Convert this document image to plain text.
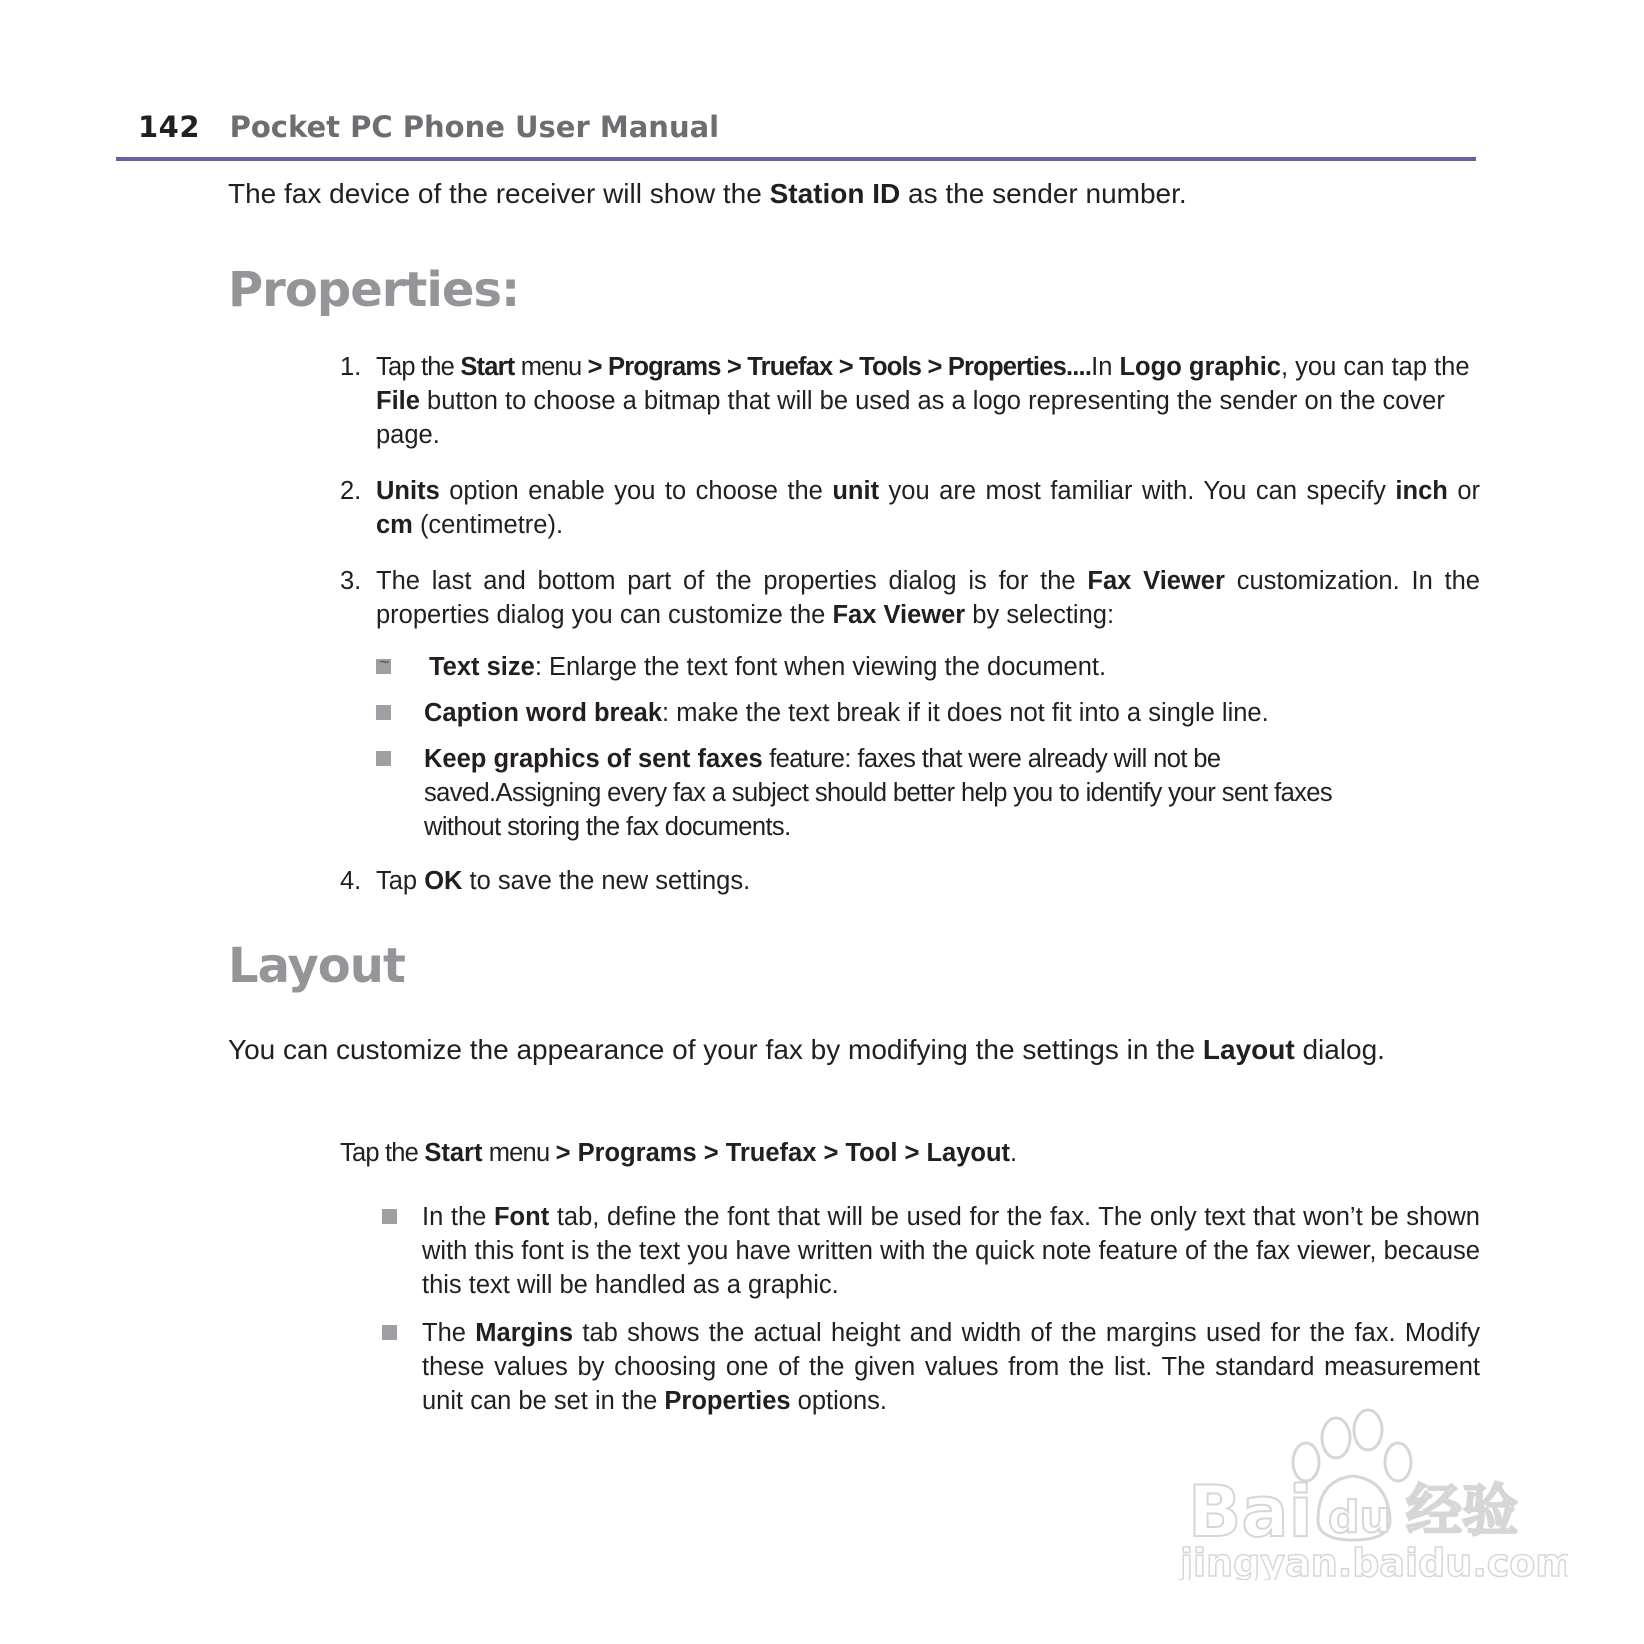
142 Pocket PC Phone User Manual
The fax device of the receiver will show the Station ID as the sender number.
Properties:
1. Tap the Start menu > Programs > Truefax > Tools > Properties....In Logo graphic, you can tap the File button to choose a bitmap that will be used as a logo representing the sender on the cover page.
2. Units option enable you to choose the unit you are most familiar with. You can specify inch or cm (centimetre).
3. The last and bottom part of the properties dialog is for the Fax Viewer customization. In the properties dialog you can customize the Fax Viewer by selecting:
~ Text size: Enlarge the text font when viewing the document.
Caption word break: make the text break if it does not fit into a single line.
Keep graphics of sent faxes feature: faxes that were already will not be saved.Assigning every fax a subject should better help you to identify your sent faxes without storing the fax documents.
4. Tap OK to save the new settings.
Layout
You can customize the appearance of your fax by modifying the settings in the Layout dialog.
Tap the Start menu > Programs > Truefax > Tool > Layout.
In the Font tab, define the font that will be used for the fax. The only text that won’t be shown with this font is the text you have written with the quick note feature of the fax viewer, because this text will be handled as a graphic.
The Margins tab shows the actual height and width of the margins used for the fax. Modify these values by choosing one of the given values from the list. The standard measurement unit can be set in the Properties options.
Bai du 经验
jingyan.baidu.com
